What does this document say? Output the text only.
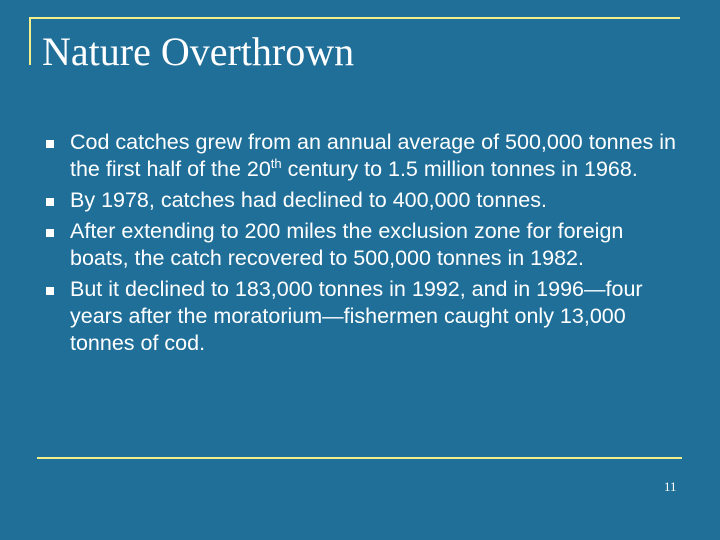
Nature Overthrown
Cod catches grew from an annual average of 500,000 tonnes in the first half of the 20th century to 1.5 million tonnes in 1968.
By 1978, catches had declined to 400,000 tonnes.
After extending to 200 miles the exclusion zone for foreign boats, the catch recovered to 500,000 tonnes in 1982.
But it declined to 183,000 tonnes in 1992, and in 1996—four years after the moratorium—fishermen caught only 13,000 tonnes of cod.
11
